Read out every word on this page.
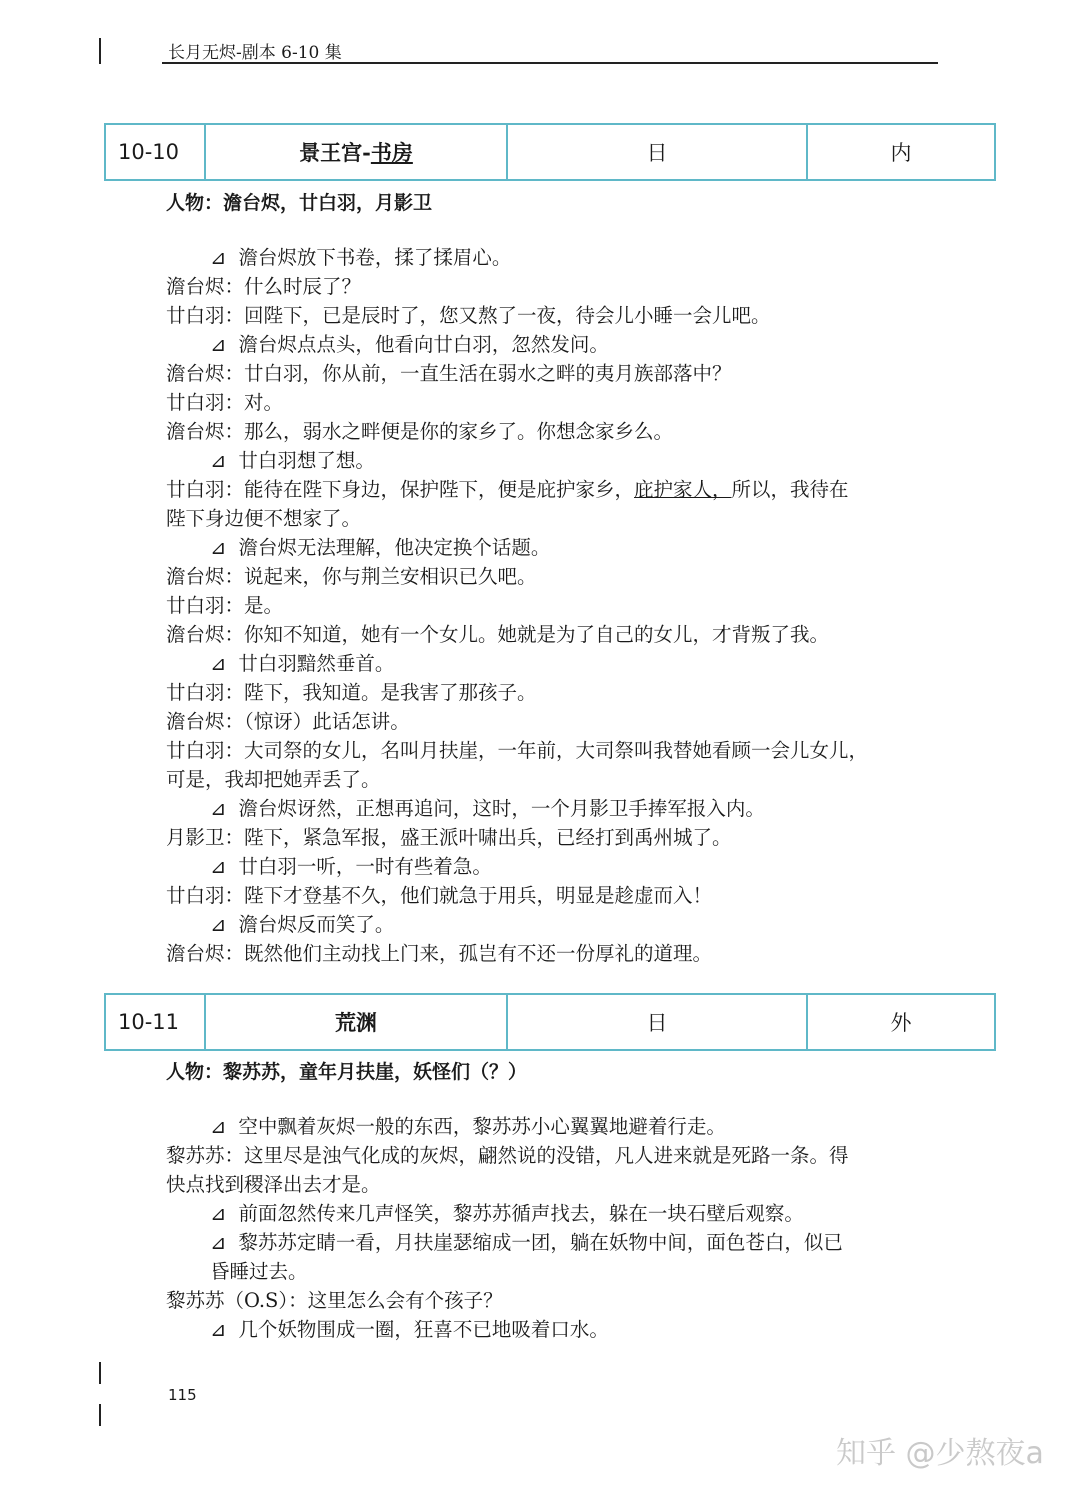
长月无烬-剧本 6-10 集
10-10	景王宫- 书房	日	内
人物：澹台烬，廿白羽，月影卫
⊿ 澹台烬放下书卷，揉了揉眉心。
澹台烬：什么时辰了？
廿白羽：回陛下，已是辰时了，您又熬了一夜，待会儿小睡一会儿吧。
⊿ 澹台烬点点头，他看向廿白羽，忽然发问。
澹台烬：廿白羽，你从前，一直生活在弱水之畔的夷月族部落中？
廿白羽：对。
澹台烬：那么，弱水之畔便是你的家乡了。你想念家乡么。
⊿ 廿白羽想了想。
廿白羽：能待在陛下身边，保护陛下，便是庇护家乡，庇护家人，所以，我待在
陛下身边便不想家了。
⊿ 澹台烬无法理解，他决定换个话题。
澹台烬：说起来，你与荆兰安相识已久吧。
廿白羽：是。
澹台烬：你知不知道，她有一个女儿。她就是为了自己的女儿，才背叛了我。
⊿ 廿白羽黯然垂首。
廿白羽：陛下，我知道。是我害了那孩子。
澹台烬：（惊讶）此话怎讲。
廿白羽：大司祭的女儿，名叫月扶崖，一年前，大司祭叫我替她看顾一会儿女儿，
可是，我却把她弄丢了。
⊿ 澹台烬讶然，正想再追问，这时，一个月影卫手捧军报入内。
月影卫：陛下，紧急军报，盛王派叶啸出兵，已经打到禹州城了。
⊿ 廿白羽一听，一时有些着急。
廿白羽：陛下才登基不久，他们就急于用兵，明显是趁虚而入！
⊿ 澹台烬反而笑了。
澹台烬：既然他们主动找上门来，孤岂有不还一份厚礼的道理。
10-11	荒渊	日	外
人物：黎苏苏，童年月扶崖，妖怪们（？）
⊿ 空中飘着灰烬一般的东西，黎苏苏小心翼翼地避着行走。
黎苏苏：这里尽是浊气化成的灰烬，翩然说的没错，凡人进来就是死路一条。得
快点找到稷泽出去才是。
⊿ 前面忽然传来几声怪笑，黎苏苏循声找去，躲在一块石壁后观察。
⊿ 黎苏苏定睛一看，月扶崖瑟缩成一团，躺在妖物中间，面色苍白，似已
昏睡过去。
黎苏苏（O.S）：这里怎么会有个孩子？
⊿ 几个妖物围成一圈，狂喜不已地吸着口水。
115
知乎 @少熬夜a
